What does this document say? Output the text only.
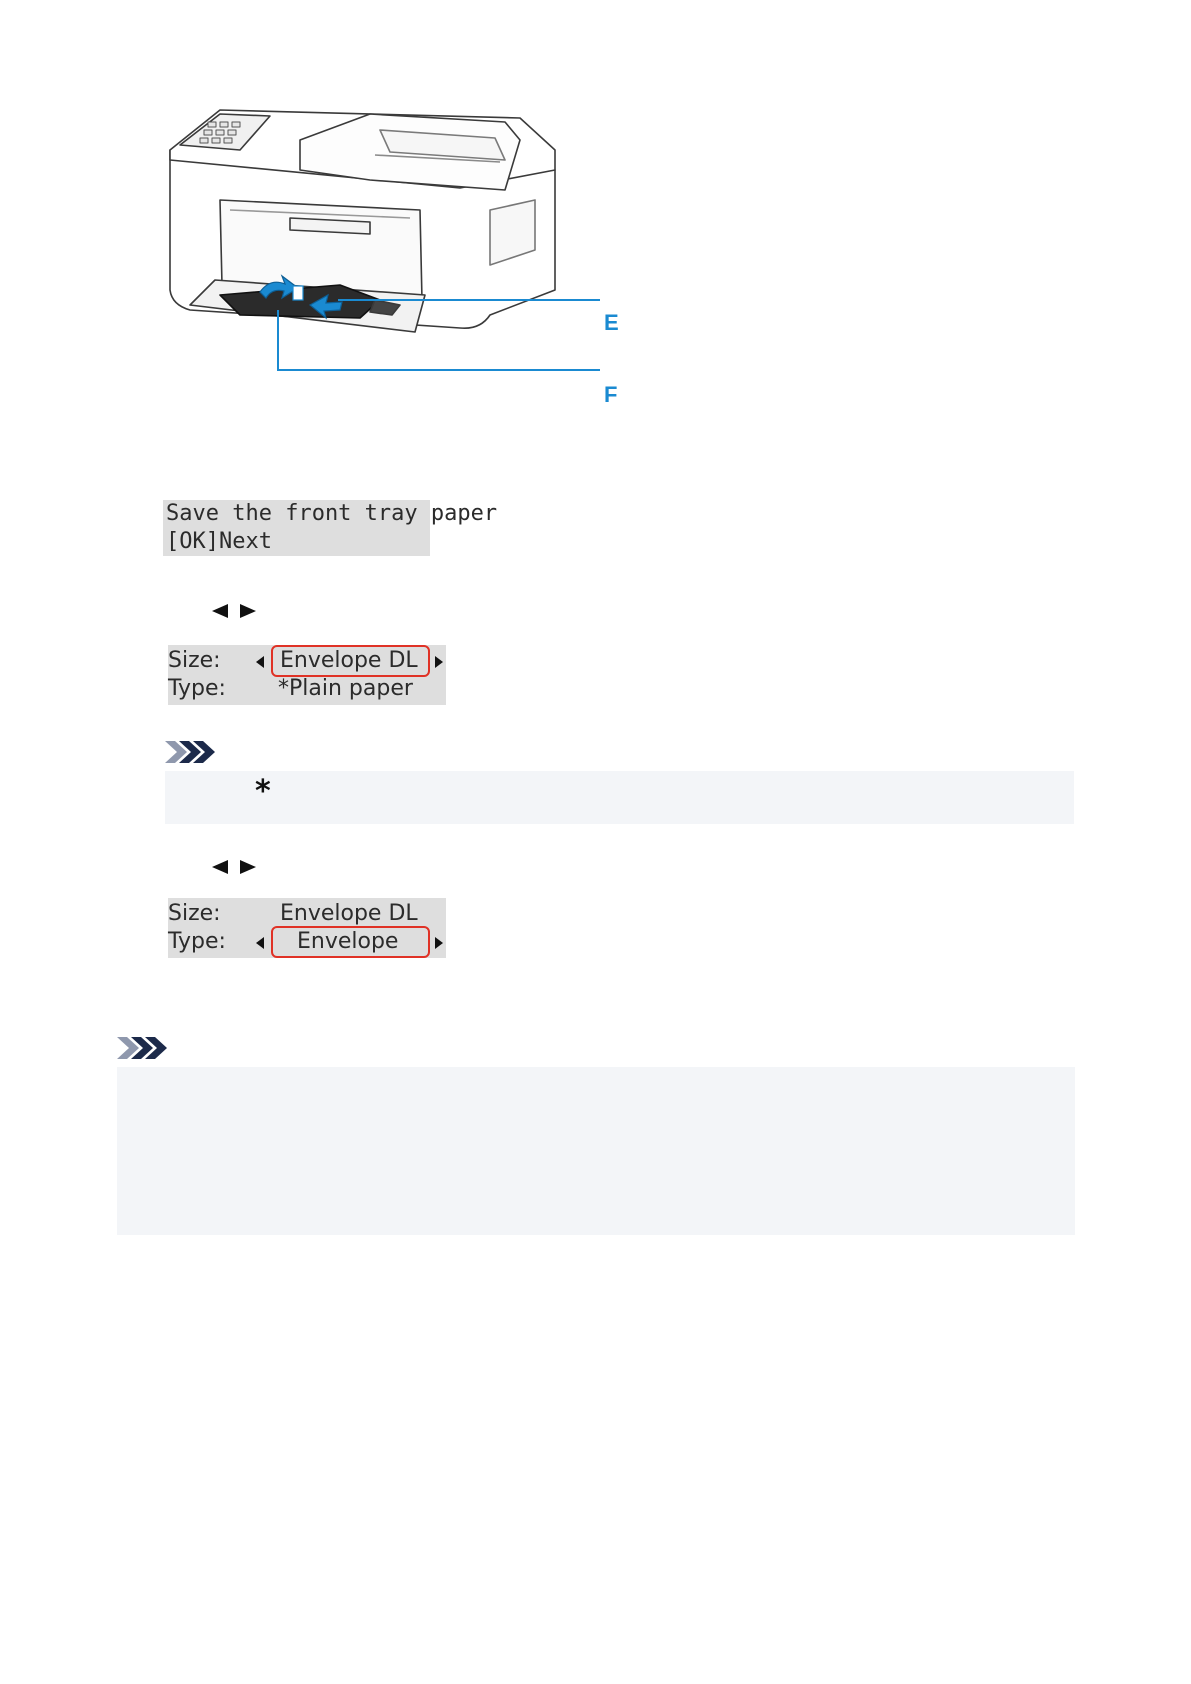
E
F
Save the front tray paper
[OK]Next
Size:	Envelope DL
Type: *Plain paper
*
Size:	Envelope DL
Type:	Envelope
